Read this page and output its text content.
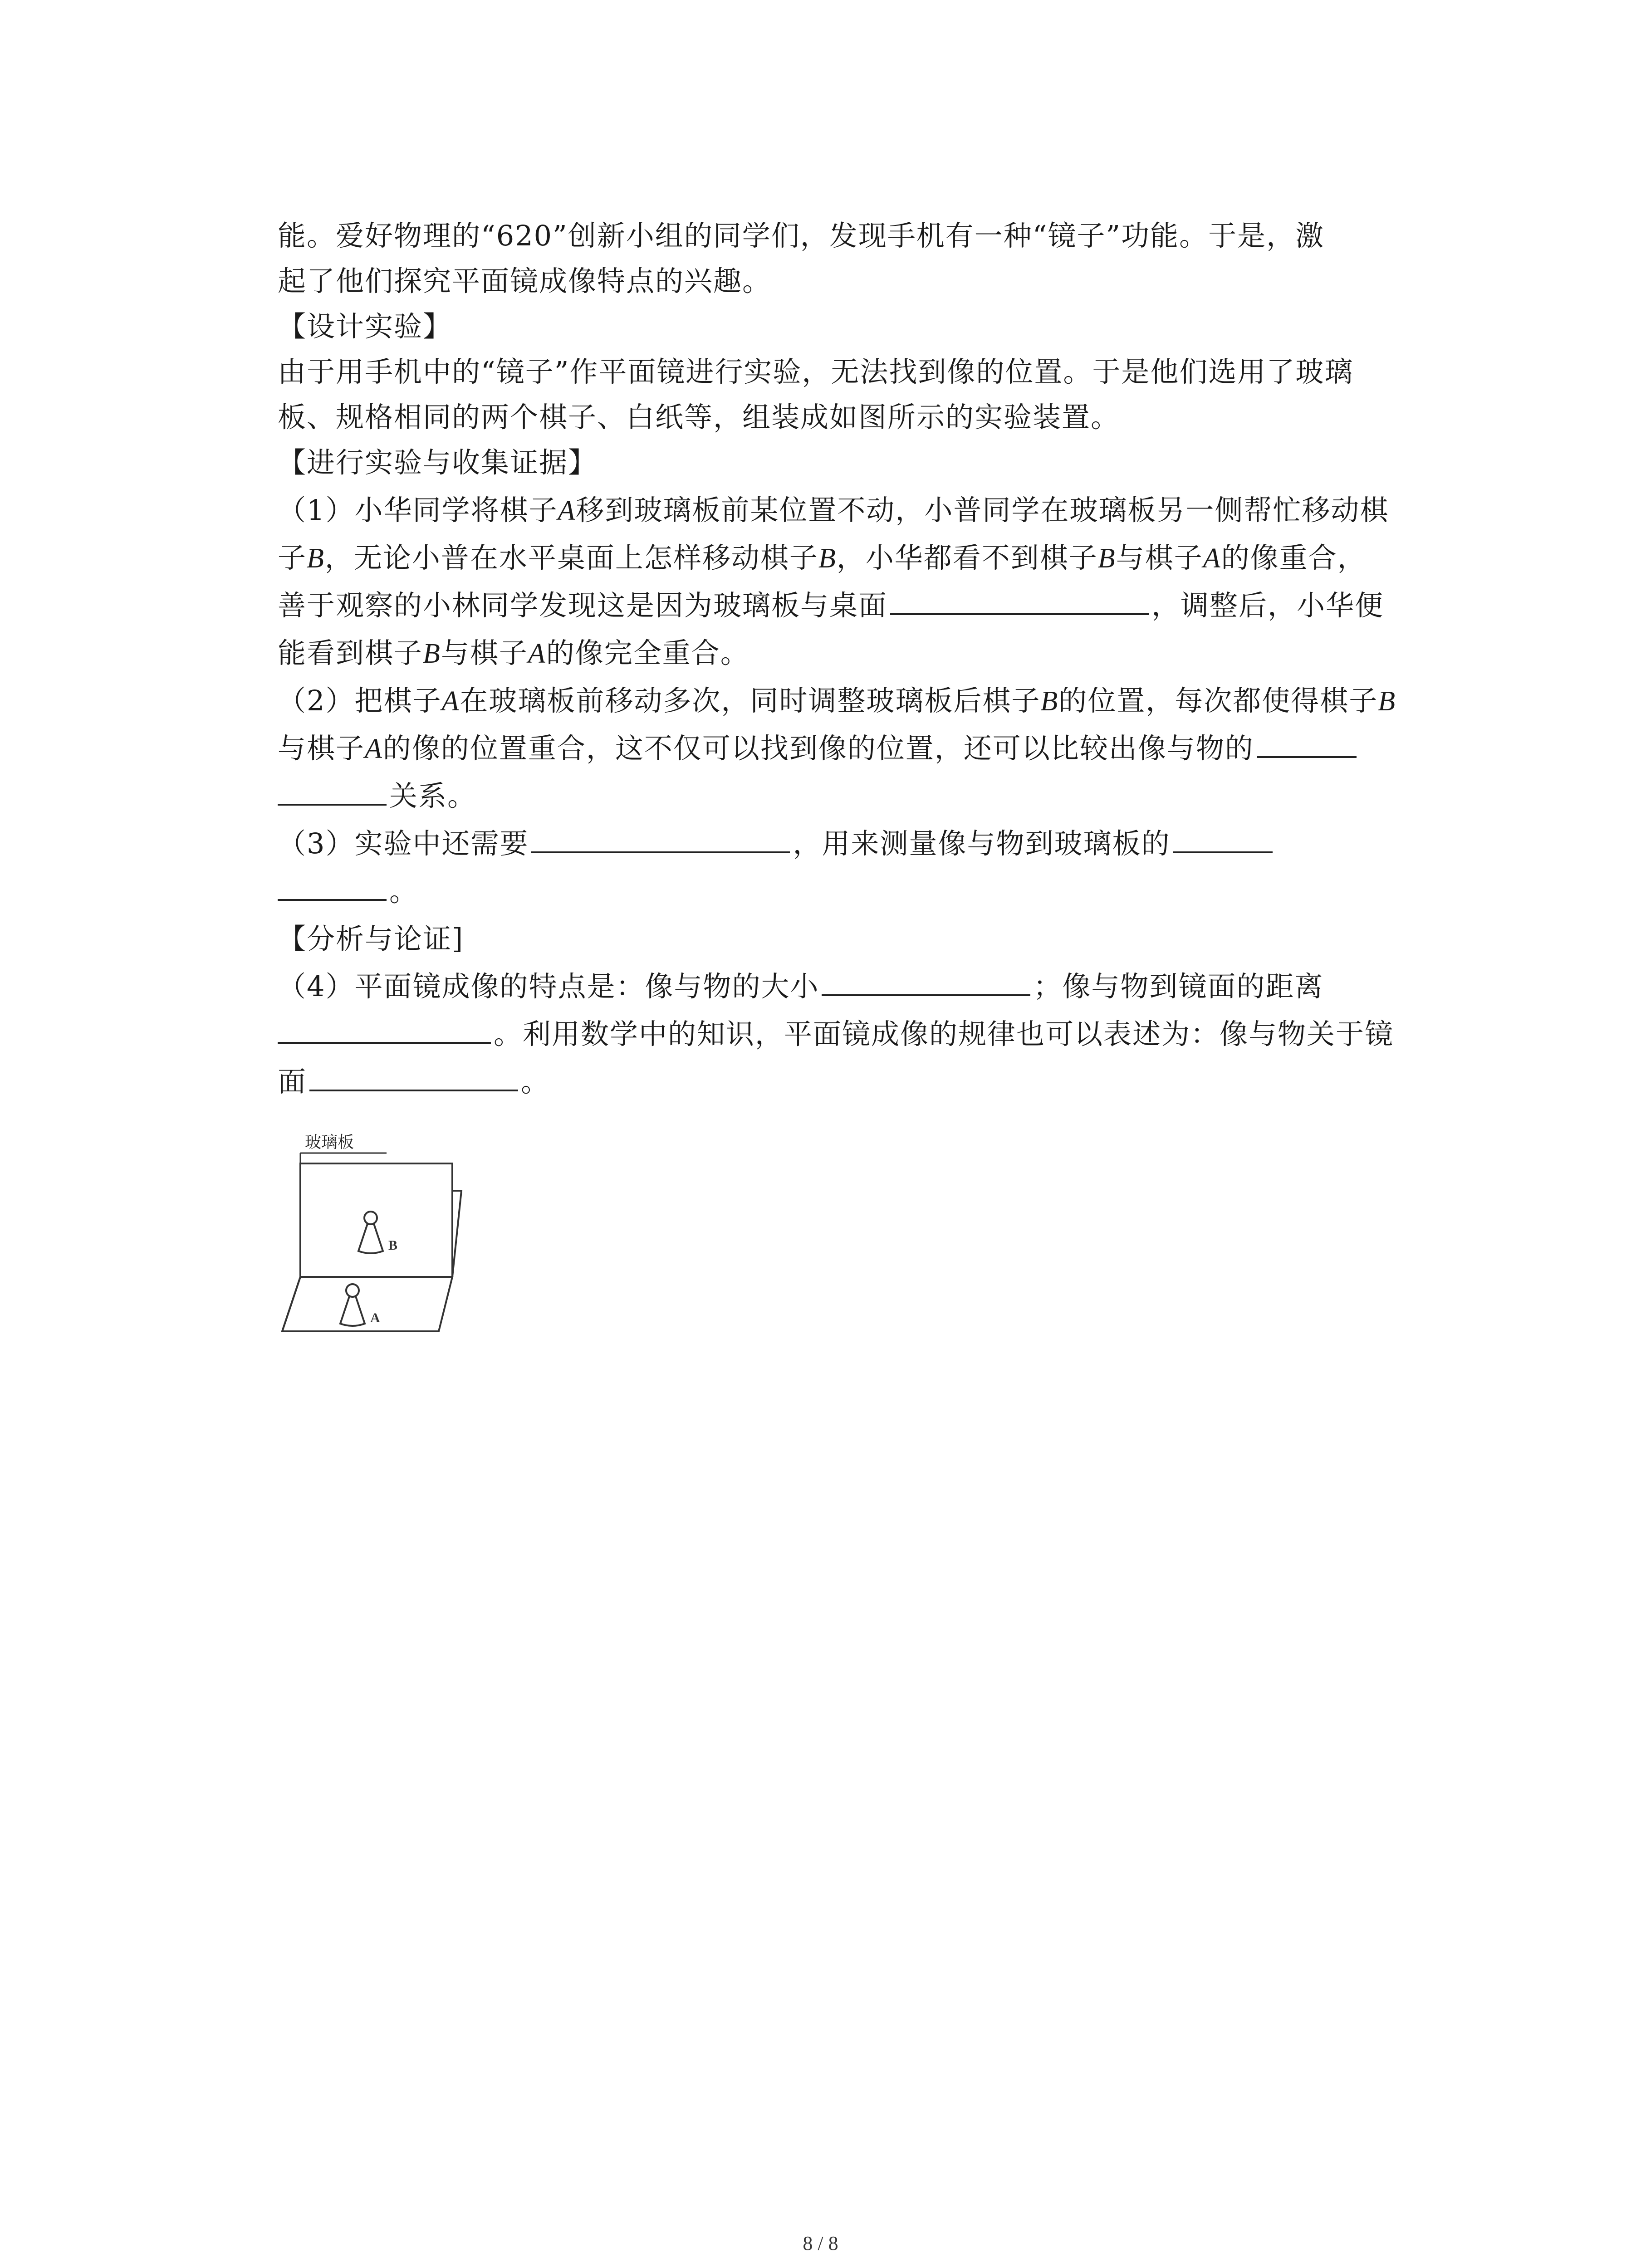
能。爱好物理的“620”创新小组的同学们，发现手机有一种“镜子”功能。于是，激
起了他们探究平面镜成像特点的兴趣。
【设计实验】
由于用手机中的“镜子”作平面镜进行实验，无法找到像的位置。于是他们选用了玻璃
板、规格相同的两个棋子、白纸等，组装成如图所示的实验装置。
【进行实验与收集证据】
（1）小华同学将棋子A移到玻璃板前某位置不动，小普同学在玻璃板另一侧帮忙移动棋
子B，无论小普在水平桌面上怎样移动棋子B，小华都看不到棋子B与棋子A的像重合，
善于观察的小林同学发现这是因为玻璃板与桌面	，调整后，小华便
能看到棋子B与棋子A的像完全重合。
（2）把棋子A在玻璃板前移动多次，同时调整玻璃板后棋子B的位置，每次都使得棋子B
与棋子A的像的位置重合，这不仅可以找到像的位置，还可以比较出像与物的
关系。
（3）实验中还需要	，用来测量像与物到玻璃板的
。
【分析与论证]
（4）平面镜成像的特点是：像与物的大小	；像与物到镜面的距离
。利用数学中的知识，平面镜成像的规律也可以表述为：像与物关于镜
面	。
玻璃板
B
A
8 / 8
